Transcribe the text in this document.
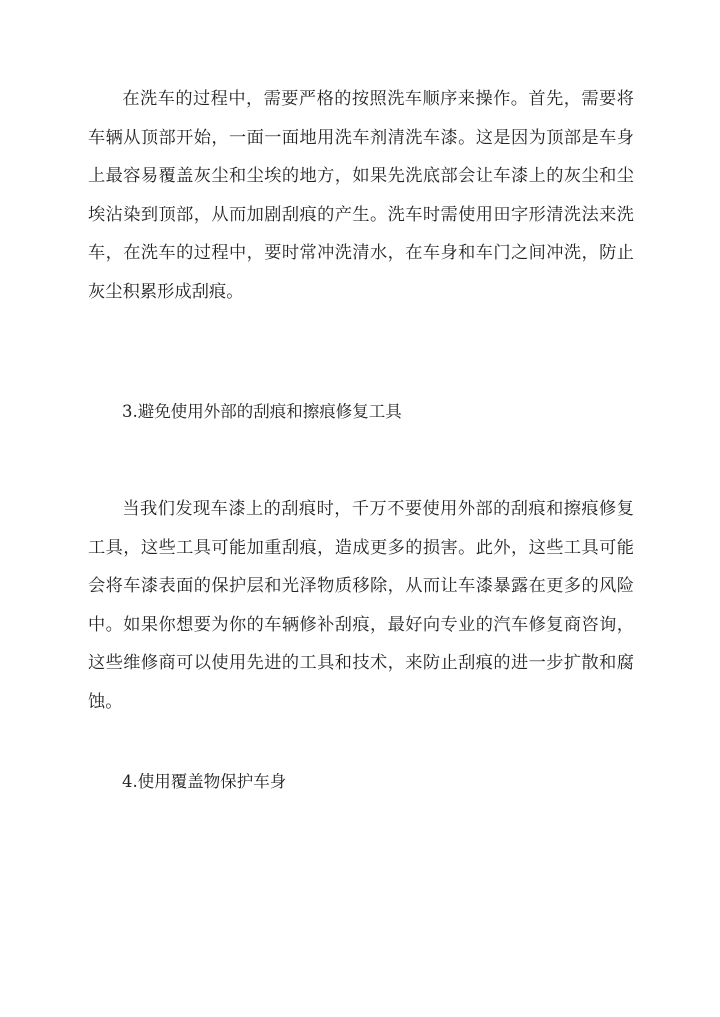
在洗车的过程中，需要严格的按照洗车顺序来操作。首先，需要将车辆从顶部开始，一面一面地用洗车剂清洗车漆。这是因为顶部是车身上最容易覆盖灰尘和尘埃的地方，如果先洗底部会让车漆上的灰尘和尘埃沾染到顶部，从而加剧刮痕的产生。洗车时需使用田字形清洗法来洗车，在洗车的过程中，要时常冲洗清水，在车身和车门之间冲洗，防止灰尘积累形成刮痕。

3.避免使用外部的刮痕和擦痕修复工具

当我们发现车漆上的刮痕时，千万不要使用外部的刮痕和擦痕修复工具，这些工具可能加重刮痕，造成更多的损害。此外，这些工具可能会将车漆表面的保护层和光泽物质移除，从而让车漆暴露在更多的风险中。如果你想要为你的车辆修补刮痕，最好向专业的汽车修复商咨询，这些维修商可以使用先进的工具和技术，来防止刮痕的进一步扩散和腐蚀。

4.使用覆盖物保护车身
